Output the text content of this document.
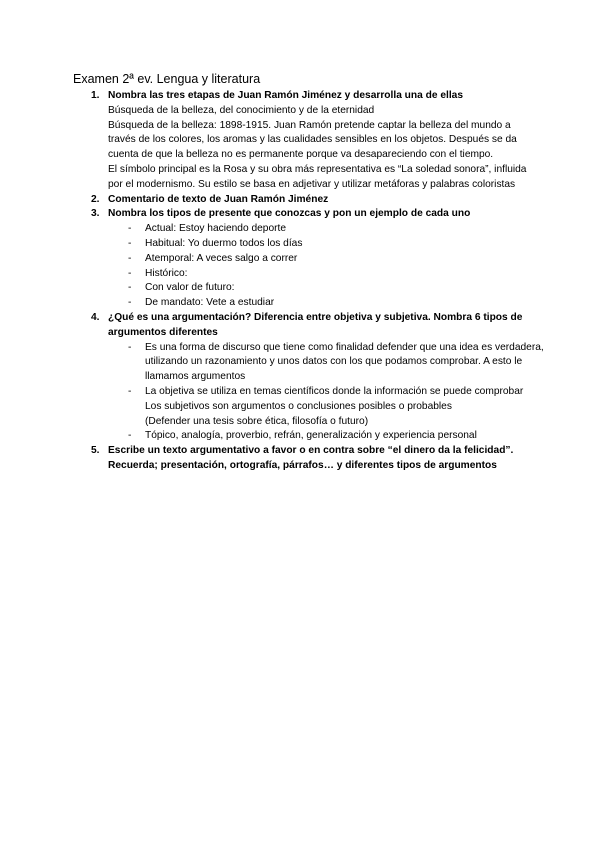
Examen 2ª ev. Lengua y literatura
1. Nombra las tres etapas de Juan Ramón Jiménez y desarrolla una de ellas
Búsqueda de la belleza, del conocimiento y de la eternidad
Búsqueda de la belleza: 1898-1915. Juan Ramón pretende captar la belleza del mundo a través de los colores, los aromas y las cualidades sensibles en los objetos. Después se da cuenta de que la belleza no es permanente porque va desapareciendo con el tiempo.
El símbolo principal es la Rosa y su obra más representativa es “La soledad sonora”, influida por el modernismo. Su estilo se basa en adjetivar y utilizar metáforas y palabras coloristas
2. Comentario de texto de Juan Ramón Jiménez
3. Nombra los tipos de presente que conozcas y pon un ejemplo de cada uno
- Actual: Estoy haciendo deporte
- Habitual: Yo duermo todos los días
- Atemporal: A veces salgo a correr
- Histórico:
- Con valor de futuro:
- De mandato: Vete a estudiar
4. ¿Qué es una argumentación? Diferencia entre objetiva y subjetiva. Nombra 6 tipos de argumentos diferentes
- Es una forma de discurso que tiene como finalidad defender que una idea es verdadera, utilizando un razonamiento y unos datos con los que podamos comprobar. A esto le llamamos argumentos
- La objetiva se utiliza en temas científicos donde la información se puede comprobar
Los subjetivos son argumentos o conclusiones posibles o probables
(Defender una tesis sobre ética, filosofía o futuro)
- Tópico, analogía, proverbio, refrán, generalización y experiencia personal
5. Escribe un texto argumentativo a favor o en contra sobre “el dinero da la felicidad”. Recuerda; presentación, ortografía, párrafos… y diferentes tipos de argumentos
